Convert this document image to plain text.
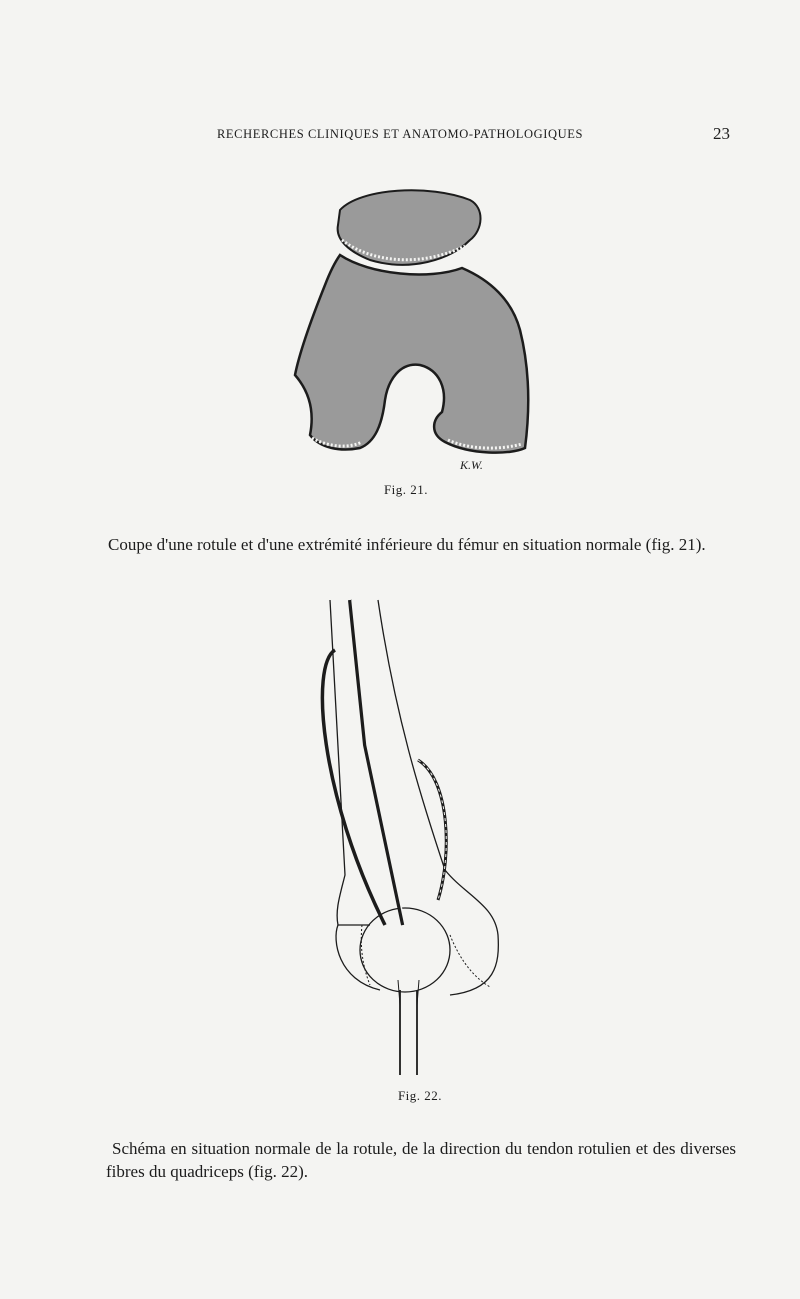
RECHERCHES CLINIQUES ET ANATOMO-PATHOLOGIQUES	23
K.W.
Fig. 21.
Coupe d'une rotule et d'une extrémité inférieure du fémur en situation normale (fig. 21).
Fig. 22.
Schéma en situation normale de la rotule, de la direction du tendon rotulien et des diverses fibres du quadriceps (fig. 22).
